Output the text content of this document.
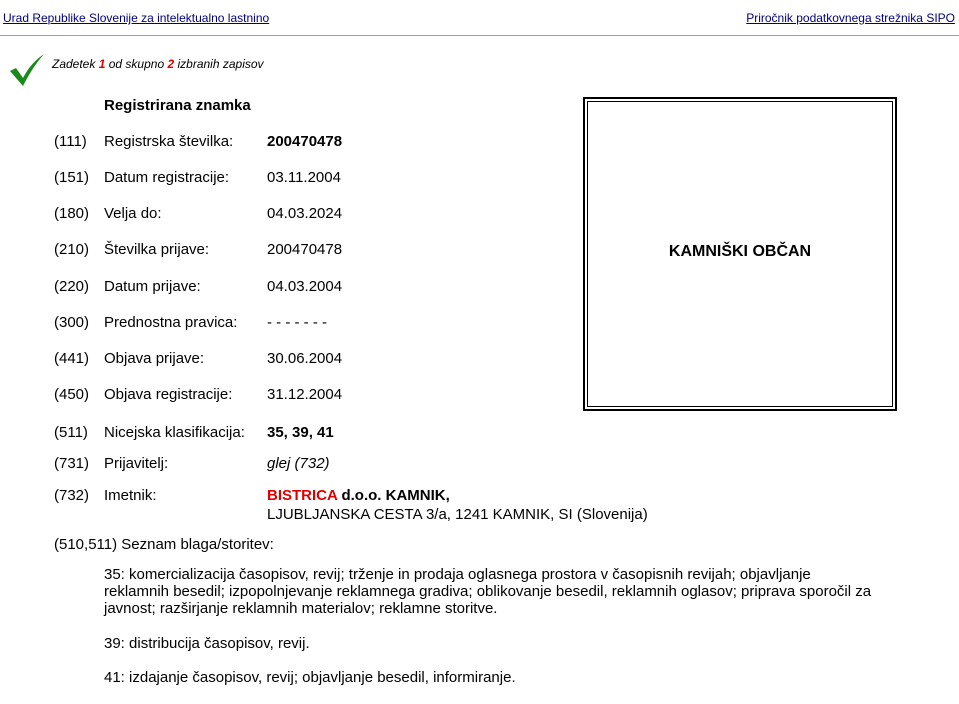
Urad Republike Slovenije za intelektualno lastnino	Priročnik podatkovnega strežnika SIPO
Zadetek 1 od skupno 2 izbranih zapisov
Registrirana znamka
(111) Registrska številka: 200470478
(151) Datum registracije:	03.11.2004
(180) Velja do:	04.03.2024
(210) Številka prijave:	200470478
(220) Datum prijave:	04.03.2004
(300) Prednostna pravica: - - - - - - -
(441) Objava prijave:	30.06.2004
(450) Objava registracije: 31.12.2004
(511) Nicejska klasifikacija: 35, 39, 41
(731) Prijavitelj:	glej (732)
(732) Imetnik:	BISTRICA d.o.o. KAMNIK,
LJUBLJANSKA CESTA 3/a, 1241 KAMNIK, SI (Slovenija)
KAMNIŠKI OBČAN
(510,511) Seznam blaga/storitev:
35: komercializacija časopisov, revij; trženje in prodaja oglasnega prostora v časopisnih revijah; objavljanje reklamnih besedil; izpopolnjevanje reklamnega gradiva; oblikovanje besedil, reklamnih oglasov; priprava sporočil za javnost; razširjanje reklamnih materialov; reklamne storitve.
39: distribucija časopisov, revij.
41: izdajanje časopisov, revij; objavljanje besedil, informiranje.
